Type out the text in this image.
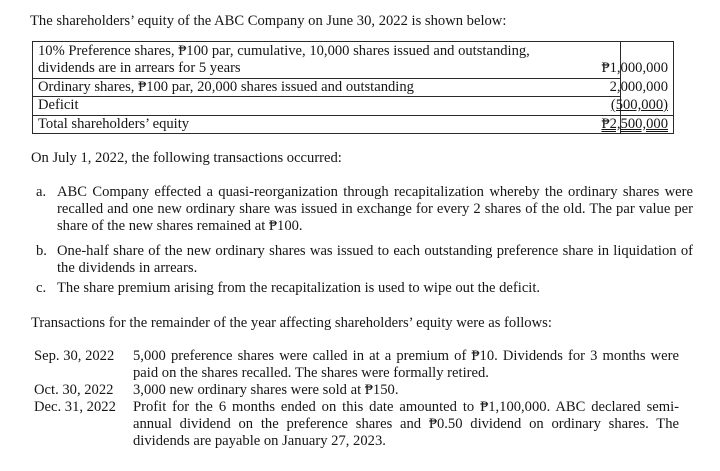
The shareholders’ equity of the ABC Company on June 30, 2022 is shown below:
10% Preference shares, ₱100 par, cumulative, 10,000 shares issued and outstanding,
dividends are in arrears for 5 years	₱1,000,000
Ordinary shares, ₱100 par, 20,000 shares issued and outstanding	2,000,000
Deficit	(500,000)
Total shareholders’ equity	₱2,500,000
On July 1, 2022, the following transactions occurred:
a. ABC Company effected a quasi-reorganization through recapitalization whereby the ordinary shares were recalled and one new ordinary share was issued in exchange for every 2 shares of the old. The par value per share of the new shares remained at ₱100.
b. One-half share of the new ordinary shares was issued to each outstanding preference share in liquidation of the dividends in arrears.
c. The share premium arising from the recapitalization is used to wipe out the deficit.
Transactions for the remainder of the year affecting shareholders’ equity were as follows:
Sep. 30, 2022 5,000 preference shares were called in at a premium of ₱10. Dividends for 3 months were paid on the shares recalled. The shares were formally retired.
Oct. 30, 2022 3,000 new ordinary shares were sold at ₱150.
Dec. 31, 2022 Profit for the 6 months ended on this date amounted to ₱1,100,000. ABC declared semi-annual dividend on the preference shares and ₱0.50 dividend on ordinary shares. The dividends are payable on January 27, 2023.
